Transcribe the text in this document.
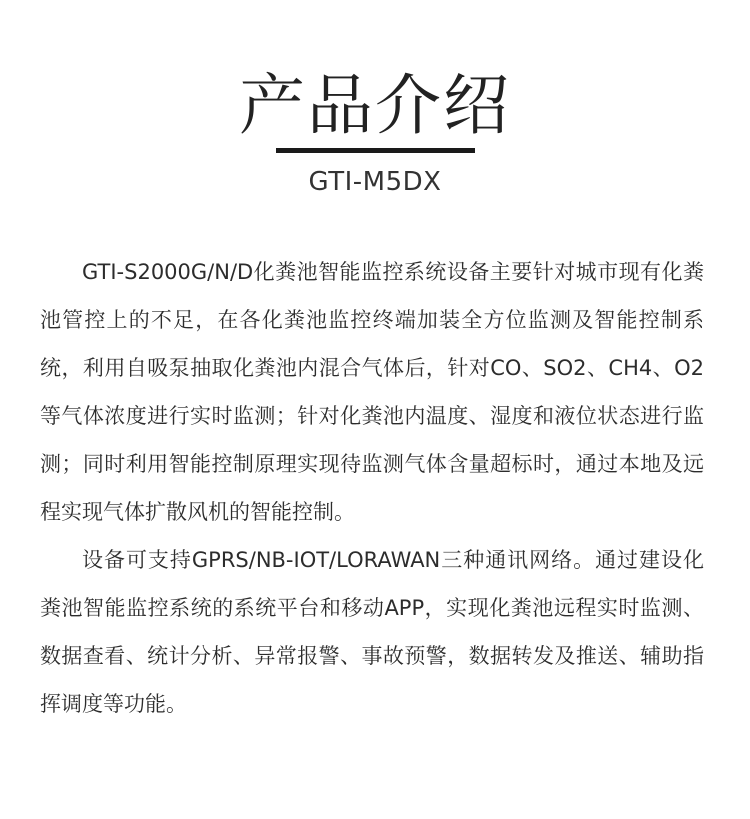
产品介绍
GTI-M5DX

GTI-S2000G/N/D化粪池智能监控系统设备主要针对城市现有化粪池管控上的不足，在各化粪池监控终端加装全方位监测及智能控制系统，利用自吸泵抽取化粪池内混合气体后，针对CO、SO2、CH4、O2等气体浓度进行实时监测；针对化粪池内温度、湿度和液位状态进行监测；同时利用智能控制原理实现待监测气体含量超标时，通过本地及远程实现气体扩散风机的智能控制。

设备可支持GPRS/NB-IOT/LORAWAN三种通讯网络。通过建设化粪池智能监控系统的系统平台和移动APP，实现化粪池远程实时监测、数据查看、统计分析、异常报警、事故预警，数据转发及推送、辅助指挥调度等功能。
